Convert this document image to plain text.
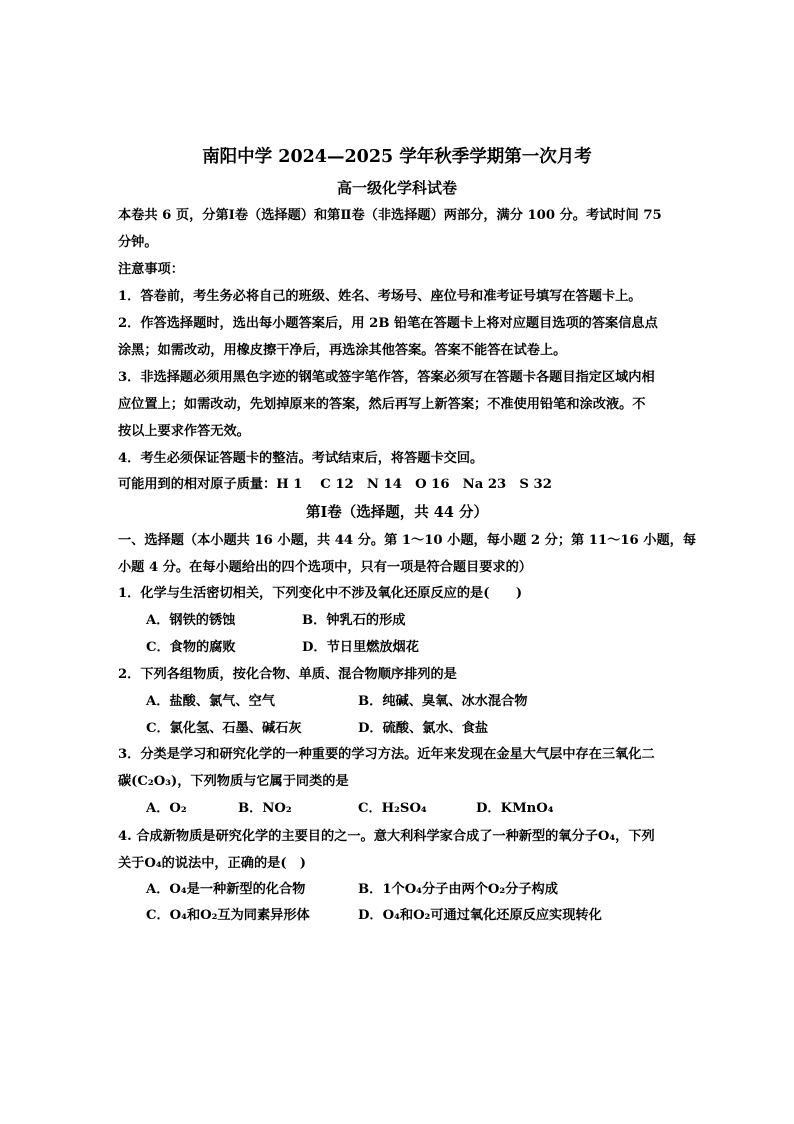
南阳中学 2024—2025 学年秋季学期第一次月考
高一级化学科试卷
本卷共 6 页，分第Ⅰ卷（选择题）和第Ⅱ卷（非选择题）两部分，满分 100 分。考试时间 75
分钟。
注意事项：
1．答卷前，考生务必将自己的班级、姓名、考场号、座位号和准考证号填写在答题卡上。
2．作答选择题时，选出每小题答案后，用 2B 铅笔在答题卡上将对应题目选项的答案信息点
涂黑；如需改动，用橡皮擦干净后，再选涂其他答案。答案不能答在试卷上。
3．非选择题必须用黑色字迹的钢笔或签字笔作答，答案必须写在答题卡各题目指定区域内相
应位置上；如需改动，先划掉原来的答案，然后再写上新答案；不准使用铅笔和涂改液。不
按以上要求作答无效。
4．考生必须保证答题卡的整洁。考试结束后，将答题卡交回。
可能用到的相对原子质量：H 1　 C 12　N 14　O 16　Na 23　S 32
第Ⅰ卷（选择题，共 44 分）
一、选择题（本小题共 16 小题，共 44 分。第 1～10 小题，每小题 2 分；第 11～16 小题，每
小题 4 分。在每小题给出的四个选项中，只有一项是符合题目要求的）
1．化学与生活密切相关，下列变化中不涉及氧化还原反应的是(　　)
A．钢铁的锈蚀	B．钟乳石的形成
C．食物的腐败	D．节日里燃放烟花
2．下列各组物质，按化合物、单质、混合物顺序排列的是
A．盐酸、氯气、空气	B．纯碱、臭氧、冰水混合物
C．氯化氢、石墨、碱石灰	D．硫酸、氯水、食盐
3．分类是学习和研究化学的一种重要的学习方法。近年来发现在金星大气层中存在三氧化二
碳(C₂O₃)，下列物质与它属于同类的是
A．O₂	B．NO₂	C．H₂SO₄	D．KMnO₄
4. 合成新物质是研究化学的主要目的之一。意大利科学家合成了一种新型的氧分子O₄，下列
关于O₄的说法中，正确的是(　)
A．O₄是一种新型的化合物	B．1个O₄分子由两个O₂分子构成
C．O₄和O₂互为同素异形体	D．O₄和O₂可通过氧化还原反应实现转化
